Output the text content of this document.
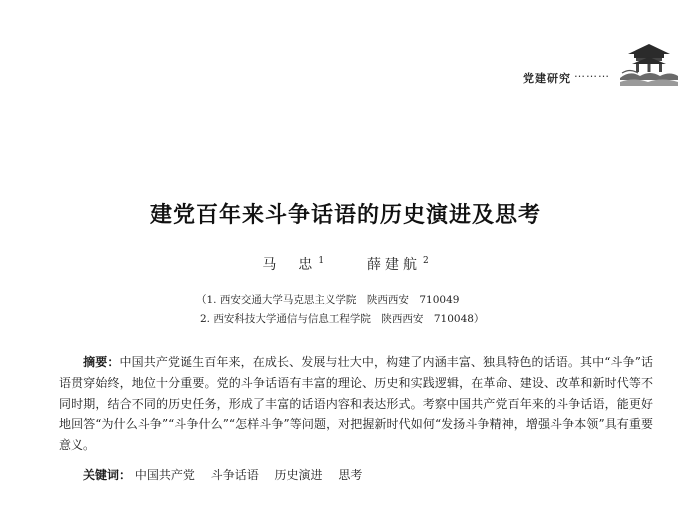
党建研究 ………
建党百年来斗争话语的历史演进及思考
马　忠 $^1$	薛建航 $^2$
（1. 西安交通大学马克思主义学院　陕西西安　710049
2. 西安科技大学通信与信息工程学院　陕西西安　710048）
摘要：中国共产党诞生百年来，在成长、发展与壮大中，构建了内涵丰富、独具特色的话语。其中“斗争”话语贯穿始终，地位十分重要。党的斗争话语有丰富的理论、历史和实践逻辑，在革命、建设、改革和新时代等不同时期，结合不同的历史任务，形成了丰富的话语内容和表达形式。考察中国共产党百年来的斗争话语，能更好地回答“为什么斗争”“斗争什么”“怎样斗争”等问题，对把握新时代如何“发扬斗争精神，增强斗争本领”具有重要意义。
关键词： 中国共产党 斗争话语 历史演进 思考
